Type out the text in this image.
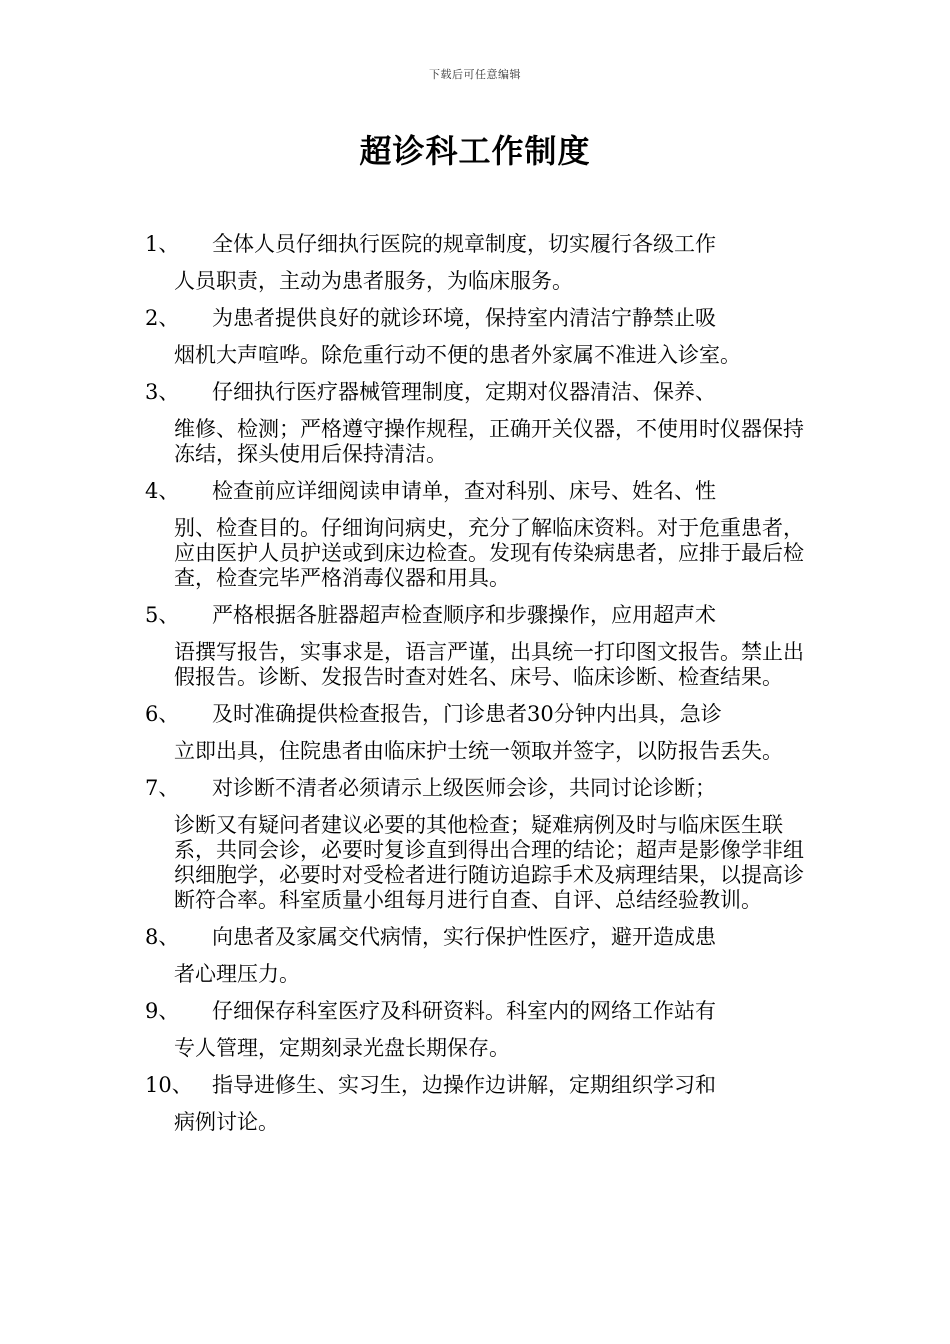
下载后可任意编辑
超诊科工作制度
1、	全体人员仔细执行医院的规章制度，切实履行各级工作
人员职责，主动为患者服务，为临床服务。
2、	为患者提供良好的就诊环境，保持室内清洁宁静禁止吸
烟机大声喧哗。除危重行动不便的患者外家属不准进入诊室。
3、	仔细执行医疗器械管理制度，定期对仪器清洁、保养、
维修、检测；严格遵守操作规程，正确开关仪器，不使用时仪器保持冻结，探头使用后保持清洁。
4、	检查前应详细阅读申请单，查对科别、床号、姓名、性
别、检查目的。仔细询问病史，充分了解临床资料。对于危重患者，应由医护人员护送或到床边检查。发现有传染病患者，应排于最后检查，检查完毕严格消毒仪器和用具。
5、	严格根据各脏器超声检查顺序和步骤操作，应用超声术
语撰写报告，实事求是，语言严谨，出具统一打印图文报告。禁止出假报告。诊断、发报告时查对姓名、床号、临床诊断、检查结果。
6、	及时准确提供检查报告，门诊患者30分钟内出具，急诊
立即出具，住院患者由临床护士统一领取并签字，以防报告丢失。
7、	对诊断不清者必须请示上级医师会诊，共同讨论诊断；
诊断又有疑问者建议必要的其他检查；疑难病例及时与临床医生联系，共同会诊，必要时复诊直到得出合理的结论；超声是影像学非组织细胞学，必要时对受检者进行随访追踪手术及病理结果，以提高诊断符合率。科室质量小组每月进行自查、自评、总结经验教训。
8、	向患者及家属交代病情，实行保护性医疗，避开造成患
者心理压力。
9、	仔细保存科室医疗及科研资料。科室内的网络工作站有
专人管理，定期刻录光盘长期保存。
10、 指导进修生、实习生，边操作边讲解，定期组织学习和
病例讨论。
